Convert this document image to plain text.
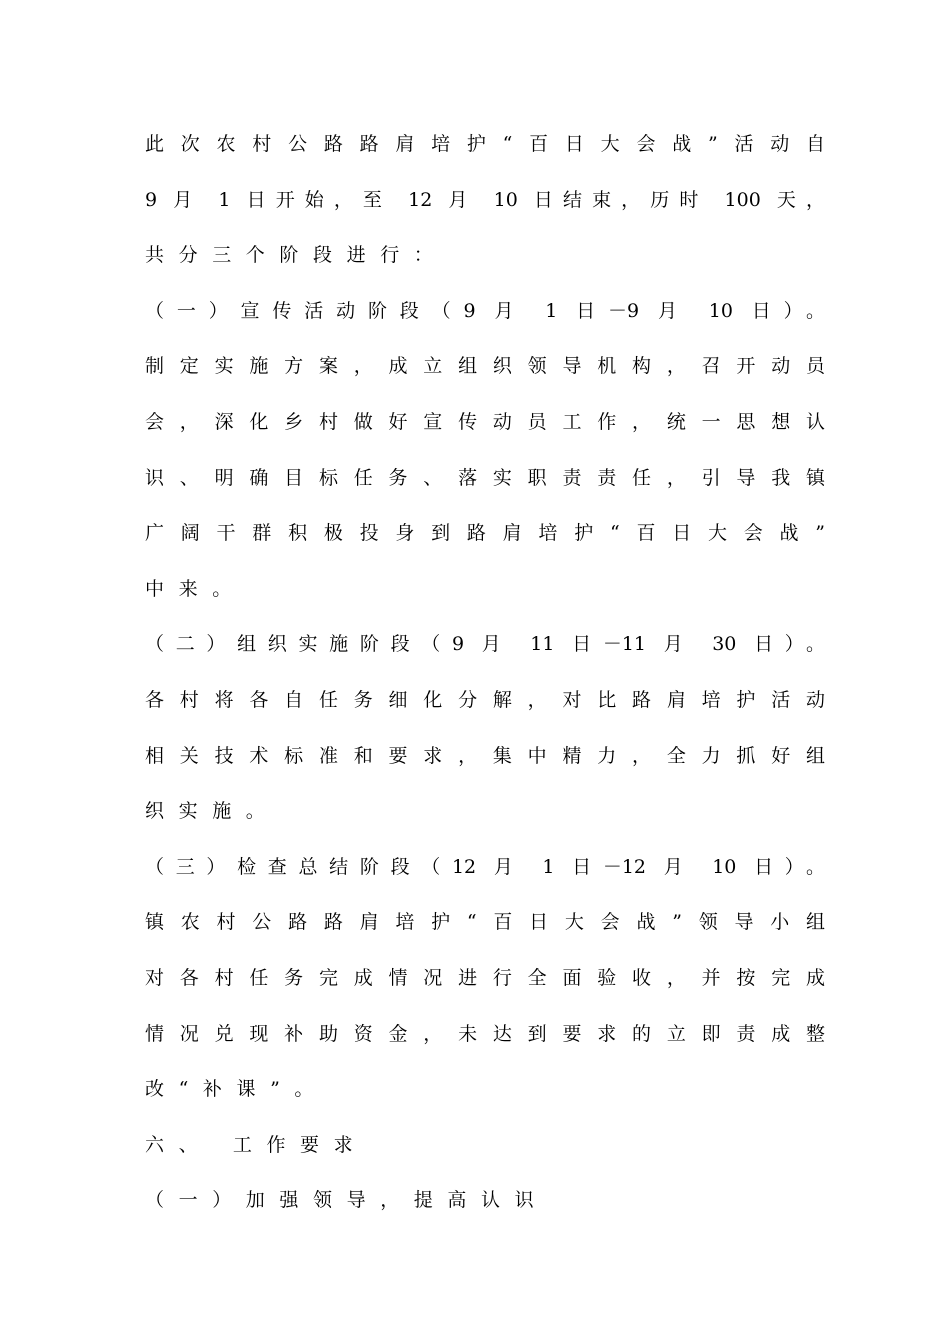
此次农村公路路肩培护“百日大会战”活动自
9 月 1 日开始，至 12 月 10 日结束，历时 100 天，
共分三个阶段进行：
（一）宣传活动阶段（9 月 1 日－9 月 10 日）。
制定实施方案，成立组织领导机构，召开动员
会，深化乡村做好宣传动员工作，统一思想认
识、明确目标任务、落实职责责任，引导我镇
广阔干群积极投身到路肩培护“百日大会战”
中来。
（二）组织实施阶段（9 月 11 日－11 月 30 日）。
各村将各自任务细化分解，对比路肩培护活动
相关技术标准和要求，集中精力，全力抓好组
织实施。
（三）检查总结阶段（12 月 1 日－12 月 10 日）。
镇农村公路路肩培护“百日大会战”领导小组
对各村任务完成情况进行全面验收，并按完成
情况兑现补助资金，未达到要求的立即责成整
改“补课”。
六、 工作要求
（一）加强领导，提高认识
